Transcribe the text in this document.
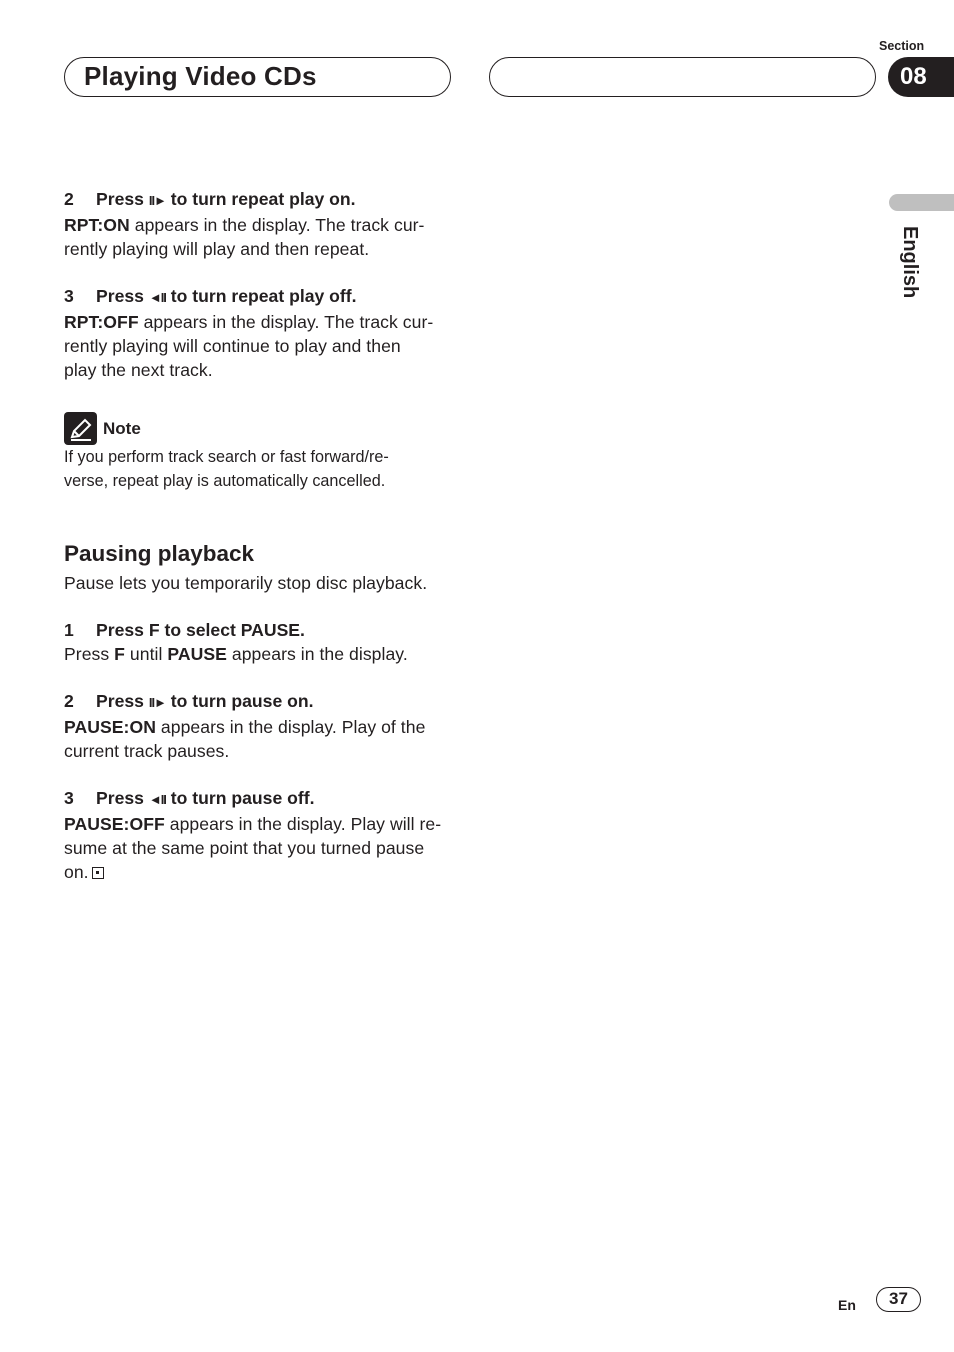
Playing Video CDs
Section
08
English

2 Press II► to turn repeat play on.

RPT:ON appears in the display. The track cur-
rently playing will play and then repeat.

3 Press ◄II to turn repeat play off.

RPT:OFF appears in the display. The track cur-
rently playing will continue to play and then
play the next track.

Note

If you perform track search or fast forward/re-
verse, repeat play is automatically cancelled.

Pausing playback

Pause lets you temporarily stop disc playback.

1 Press F to select PAUSE.

Press F until PAUSE appears in the display.

2 Press II► to turn pause on.

PAUSE:ON appears in the display. Play of the
current track pauses.

3 Press ◄II to turn pause off.

PAUSE:OFF appears in the display. Play will re-
sume at the same point that you turned pause
on.

En	37
